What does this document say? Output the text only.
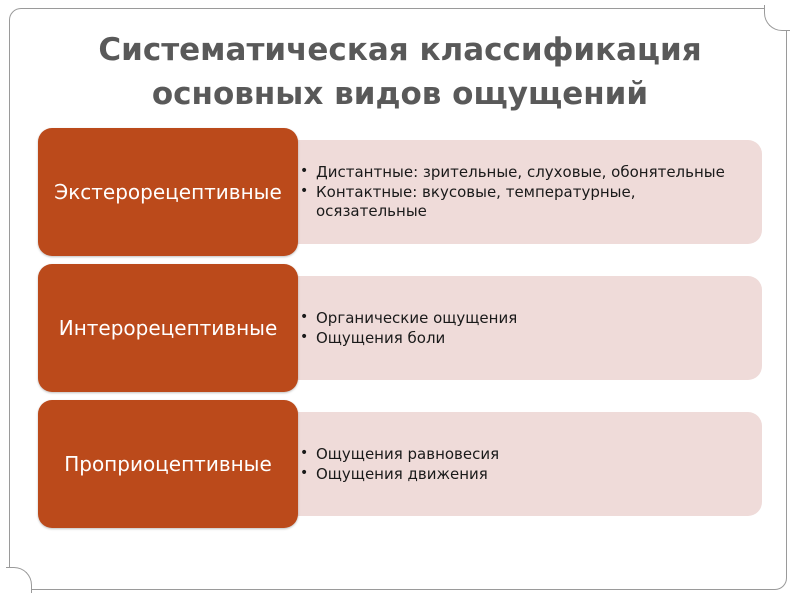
Систематическая классификация
основных видов ощущений
• Дистантные: зрительные, слуховые, обонятельные
• Контактные: вкусовые, температурные, осязательные
Экстерорецептивные
• Органические ощущения
• Ощущения боли
Интерорецептивные
• Ощущения равновесия
• Ощущения движения
Проприоцептивные
